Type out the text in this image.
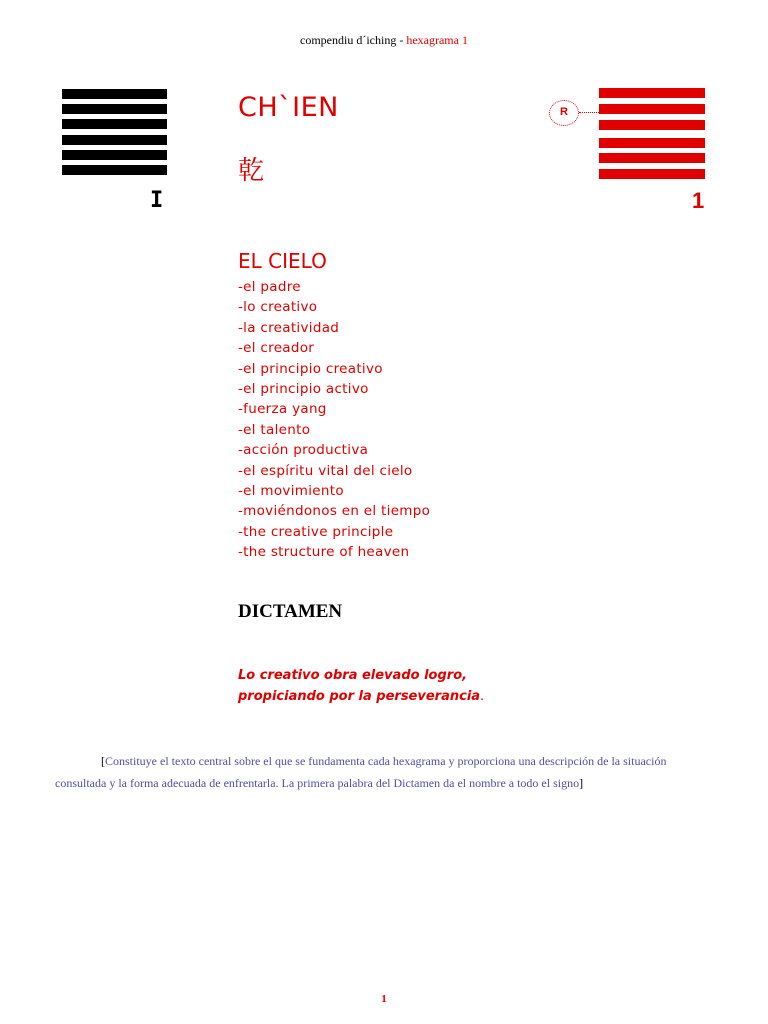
compendiu d´iching - hexagrama 1
I
R
1
CH`IEN
乾
EL CIELO
-el padre
-lo creativo
-la creatividad
-el creador
-el principio creativo
-el principio activo
-fuerza yang
-el talento
-acción productiva
-el espíritu vital del cielo
-el movimiento
-moviéndonos en el tiempo
-the creative principle
-the structure of heaven
DICTAMEN
Lo creativo obra elevado logro,
propiciando por la perseverancia.
[Constituye el texto central sobre el que se fundamenta cada hexagrama y proporciona una descripción de la situación consultada y la forma adecuada de enfrentarla. La primera palabra del Dictamen da el nombre a todo el signo]
1
